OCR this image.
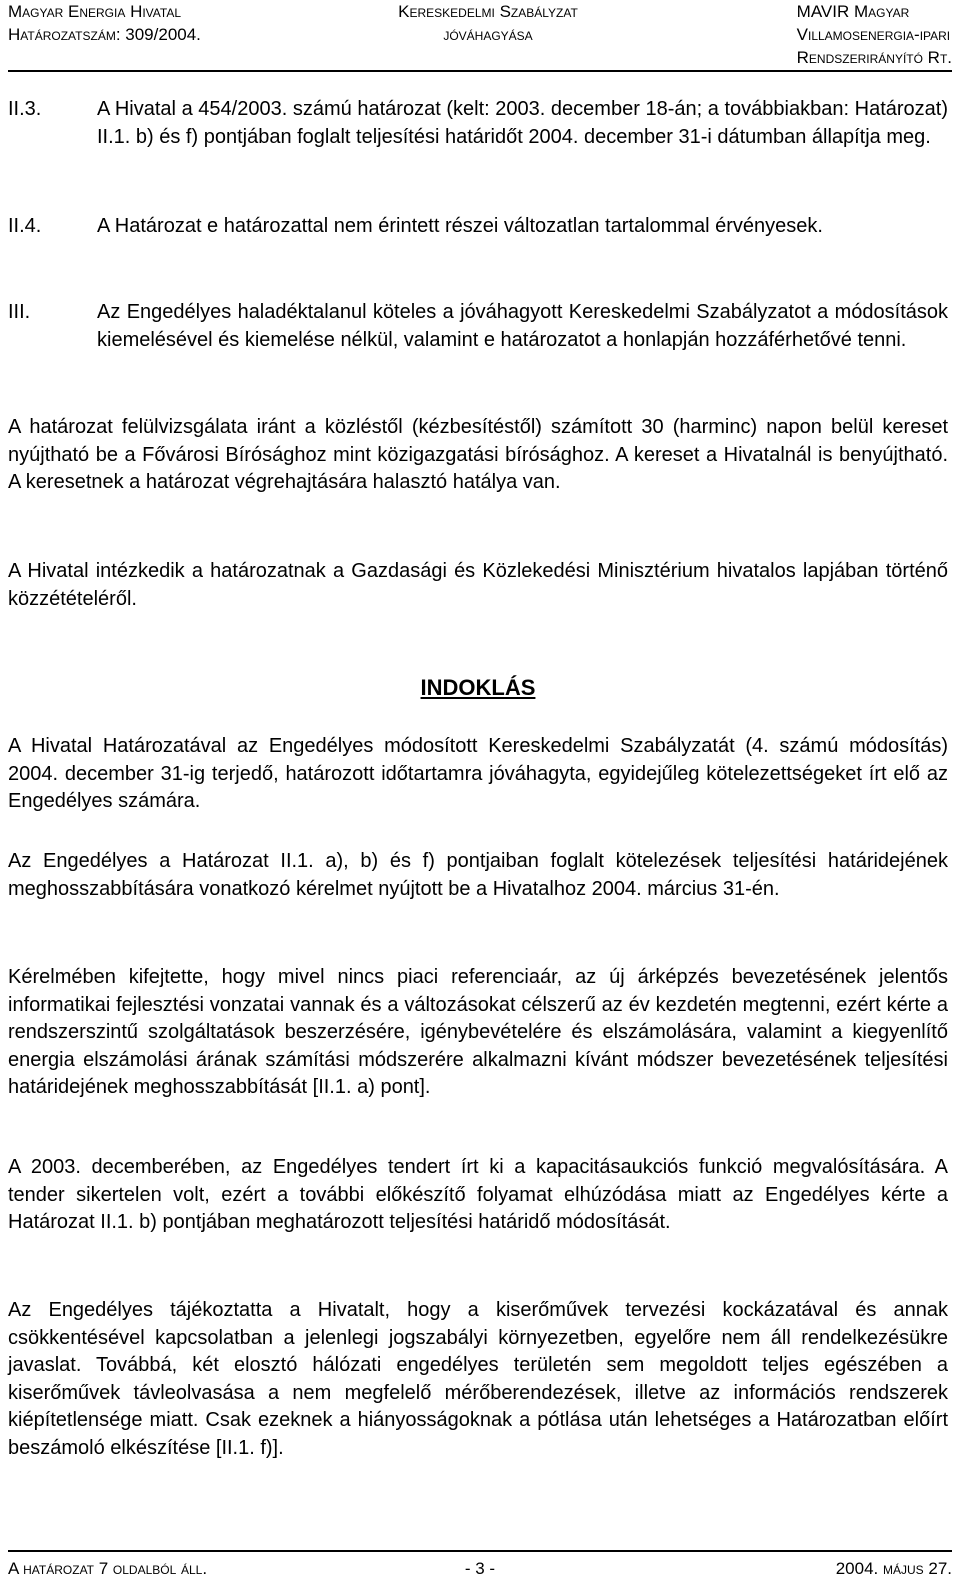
Magyar Energia Hivatal
Határozatszám: 309/2004.
Kereskedelmi Szabályzat
jóváhagyása
MAVIR Magyar
Villamosenergia-ipari
Rendszerirányító Rt.
II.3.	A Hivatal a 454/2003. számú határozat (kelt: 2003. december 18-án; a továbbiakban: Határozat) II.1. b) és f) pontjában foglalt teljesítési határidőt 2004. december 31-i dátumban állapítja meg.
II.4.	A Határozat e határozattal nem érintett részei változatlan tartalommal érvényesek.
III.	Az Engedélyes haladéktalanul köteles a jóváhagyott Kereskedelmi Szabályzatot a módosítások kiemelésével és kiemelése nélkül, valamint e határozatot a honlapján hozzáférhetővé tenni.
A határozat felülvizsgálata iránt a közléstől (kézbesítéstől) számított 30 (harminc) napon belül kereset nyújtható be a Fővárosi Bírósághoz mint közigazgatási bírósághoz. A kereset a Hivatalnál is benyújtható. A keresetnek a határozat végrehajtására halasztó hatálya van.
A Hivatal intézkedik a határozatnak a Gazdasági és Közlekedési Minisztérium hivatalos lapjában történő közzétételéről.
INDOKLÁS
A Hivatal Határozatával az Engedélyes módosított Kereskedelmi Szabályzatát (4. számú módosítás) 2004. december 31-ig terjedő, határozott időtartamra jóváhagyta, egyidejűleg kötelezettségeket írt elő az Engedélyes számára.
Az Engedélyes a Határozat II.1. a), b) és f) pontjaiban foglalt kötelezések teljesítési határidejének meghosszabbítására vonatkozó kérelmet nyújtott be a Hivatalhoz 2004. március 31-én.
Kérelmében kifejtette, hogy mivel nincs piaci referenciaár, az új árképzés bevezetésének jelentős informatikai fejlesztési vonzatai vannak és a változásokat célszerű az év kezdetén megtenni, ezért kérte a rendszerszintű szolgáltatások beszerzésére, igénybevételére és elszámolására, valamint a kiegyenlítő energia elszámolási árának számítási módszerére alkalmazni kívánt módszer bevezetésének teljesítési határidejének meghosszabbítását [II.1. a) pont].
A 2003. decemberében, az Engedélyes tendert írt ki a kapacitásaukciós funkció megvalósítására. A tender sikertelen volt, ezért a további előkészítő folyamat elhúzódása miatt az Engedélyes kérte a Határozat II.1. b) pontjában meghatározott teljesítési határidő módosítását.
Az Engedélyes tájékoztatta a Hivatalt, hogy a kiserőművek tervezési kockázatával és annak csökkentésével kapcsolatban a jelenlegi jogszabályi környezetben, egyelőre nem áll rendelkezésükre javaslat. Továbbá, két elosztó hálózati engedélyes területén sem megoldott teljes egészében a kiserőművek távleolvasása a nem megfelelő mérőberendezések, illetve az információs rendszerek kiépítetlensége miatt. Csak ezeknek a hiányosságoknak a pótlása után lehetséges a Határozatban előírt beszámoló elkészítése [II.1. f)].
A határozat 7 oldalból áll.	- 3 -	2004. május 27.
